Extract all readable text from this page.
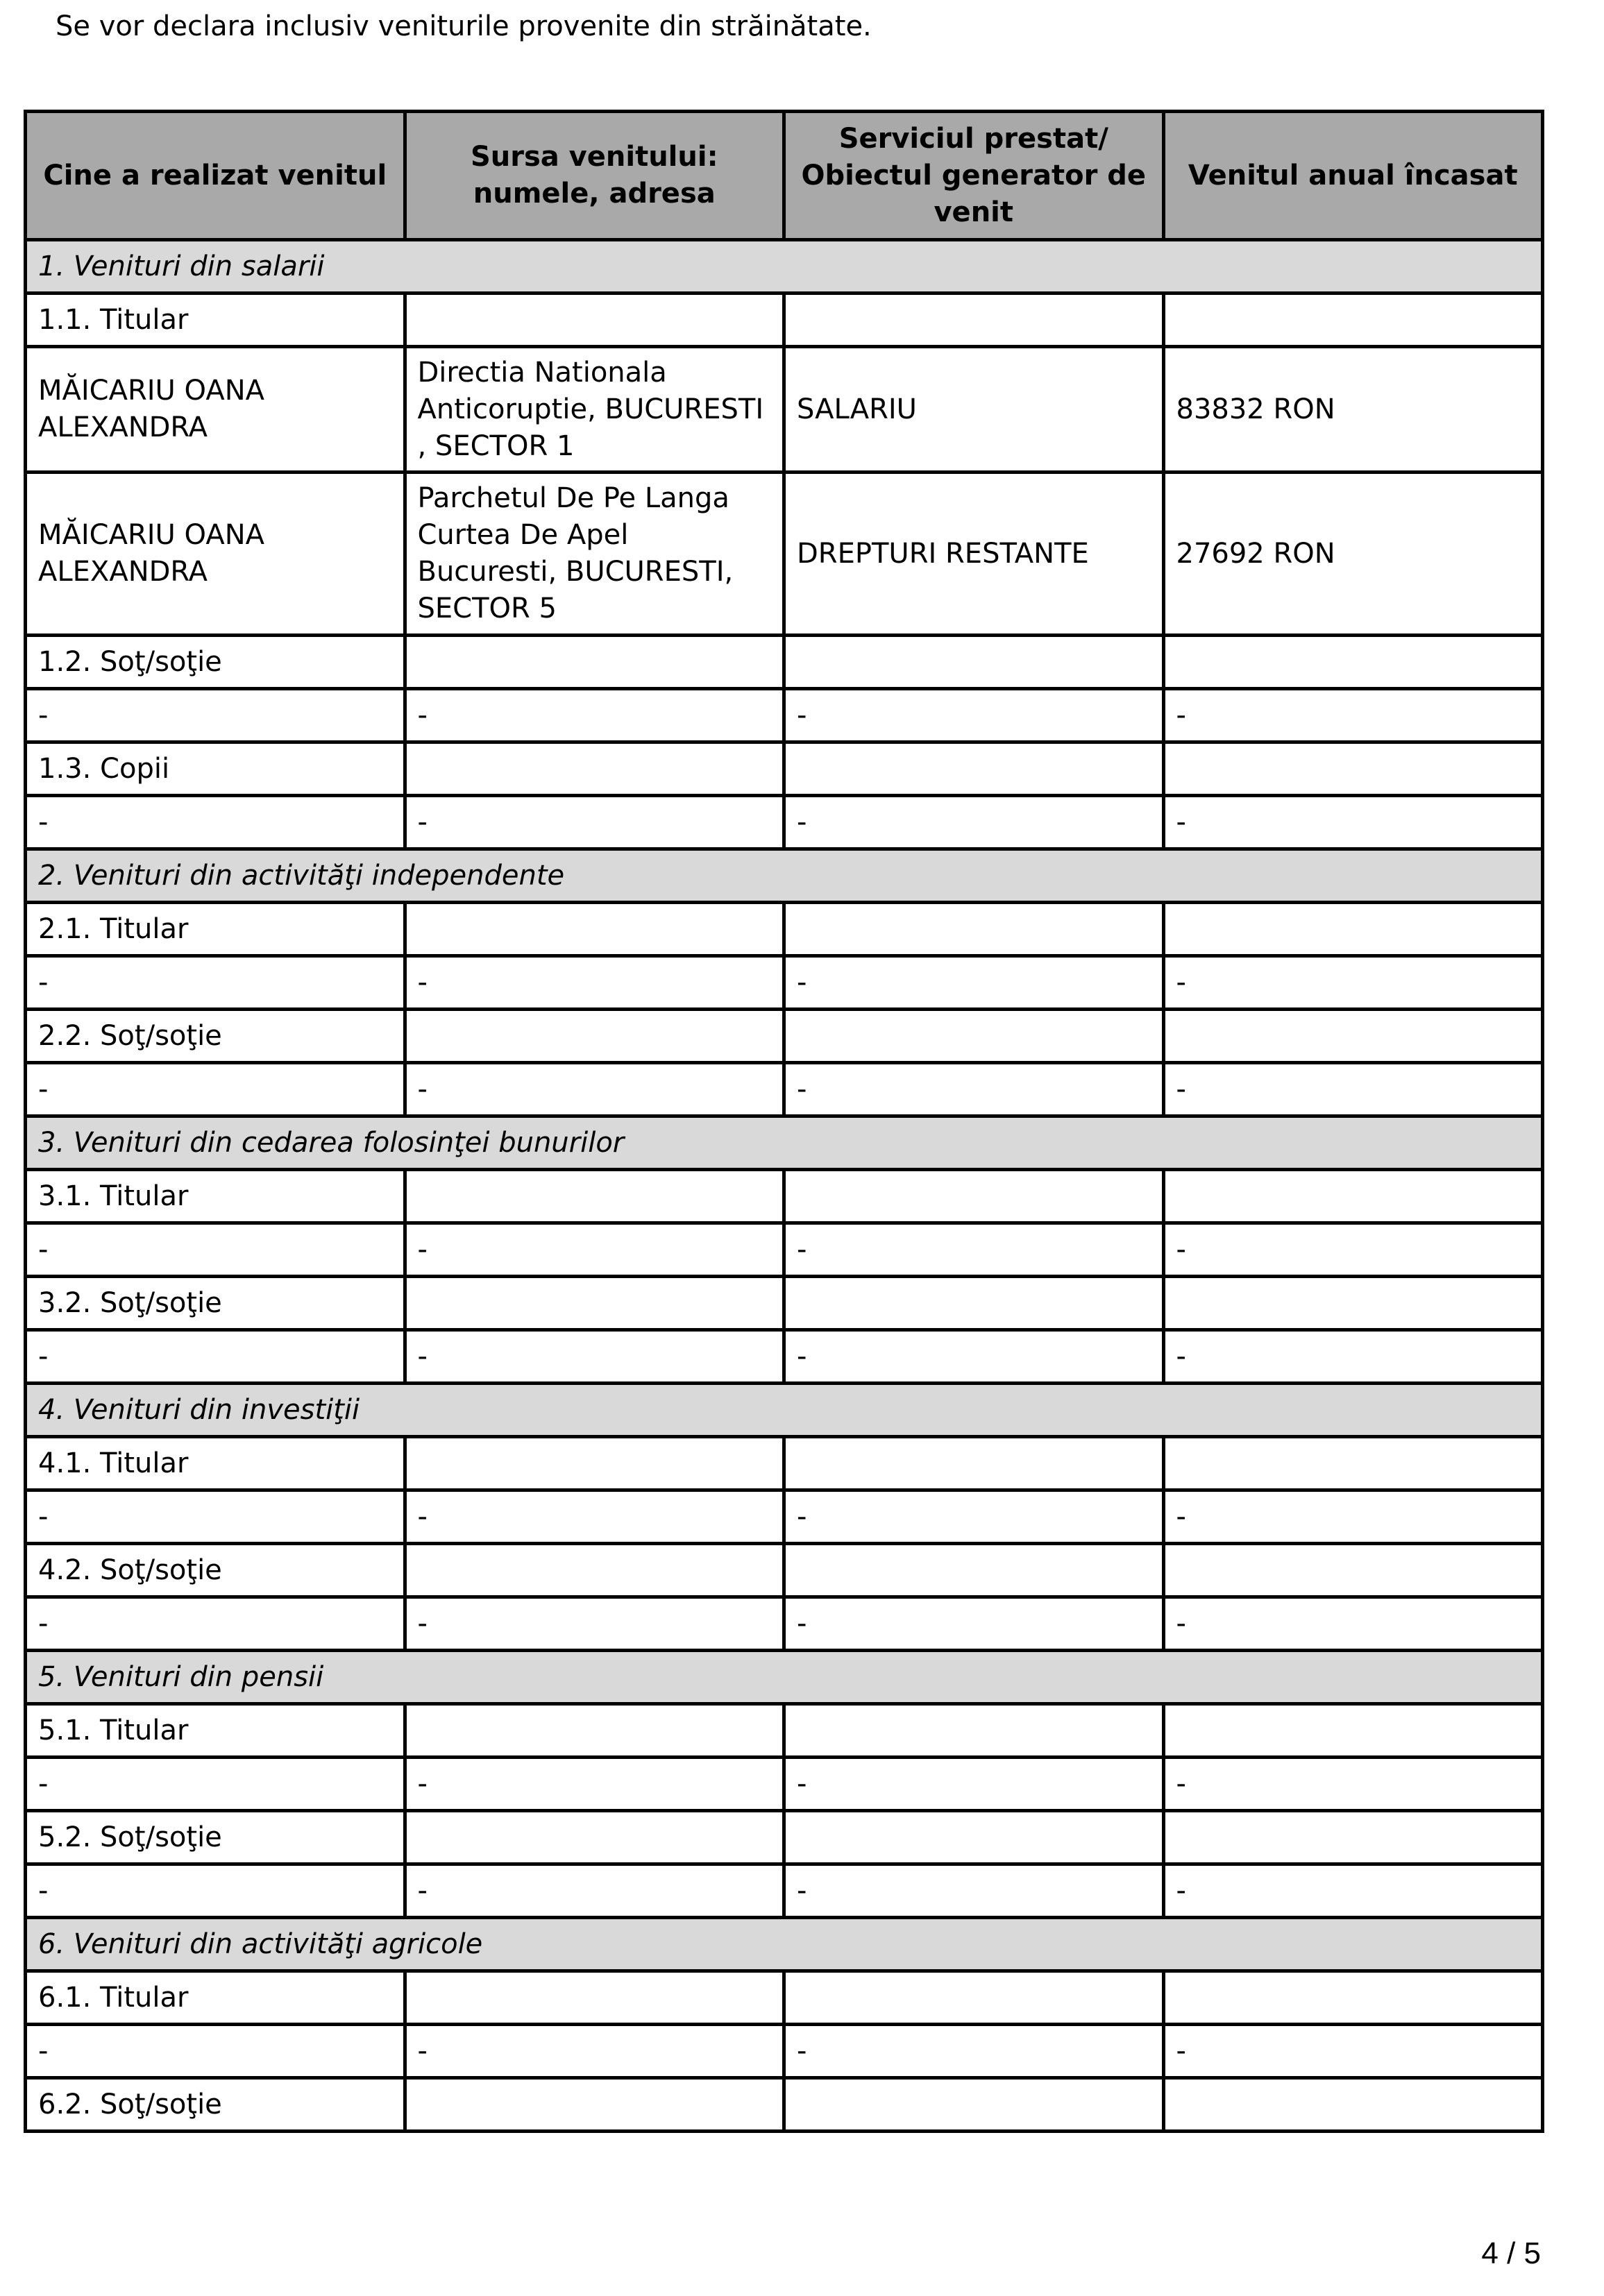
Se vor declara inclusiv veniturile provenite din străinătate.
Cine a realizat venitul	Sursa venitului: numele, adresa	Serviciul prestat/ Obiectul generator de venit	Venitul anual încasat
1. Venituri din salarii			
1.1. Titular			
MĂICARIU OANA ALEXANDRA	Directia Nationala Anticoruptie, BUCURESTI , SECTOR 1	SALARIU	83832 RON
MĂICARIU OANA ALEXANDRA	Parchetul De Pe Langa Curtea De Apel Bucuresti, BUCURESTI, SECTOR 5	DREPTURI RESTANTE	27692 RON
1.2. Soţ/soţie			
-	-	-	-
1.3. Copii			
-	-	-	-
2. Venituri din activităţi independente			
2.1. Titular			
-	-	-	-
2.2. Soţ/soţie			
-	-	-	-
3. Venituri din cedarea folosinţei bunurilor			
3.1. Titular			
-	-	-	-
3.2. Soţ/soţie			
-	-	-	-
4. Venituri din investiţii			
4.1. Titular			
-	-	-	-
4.2. Soţ/soţie			
-	-	-	-
5. Venituri din pensii			
5.1. Titular			
-	-	-	-
5.2. Soţ/soţie			
-	-	-	-
6. Venituri din activităţi agricole			
6.1. Titular			
-	-	-	-
6.2. Soţ/soţie			
4 / 5
